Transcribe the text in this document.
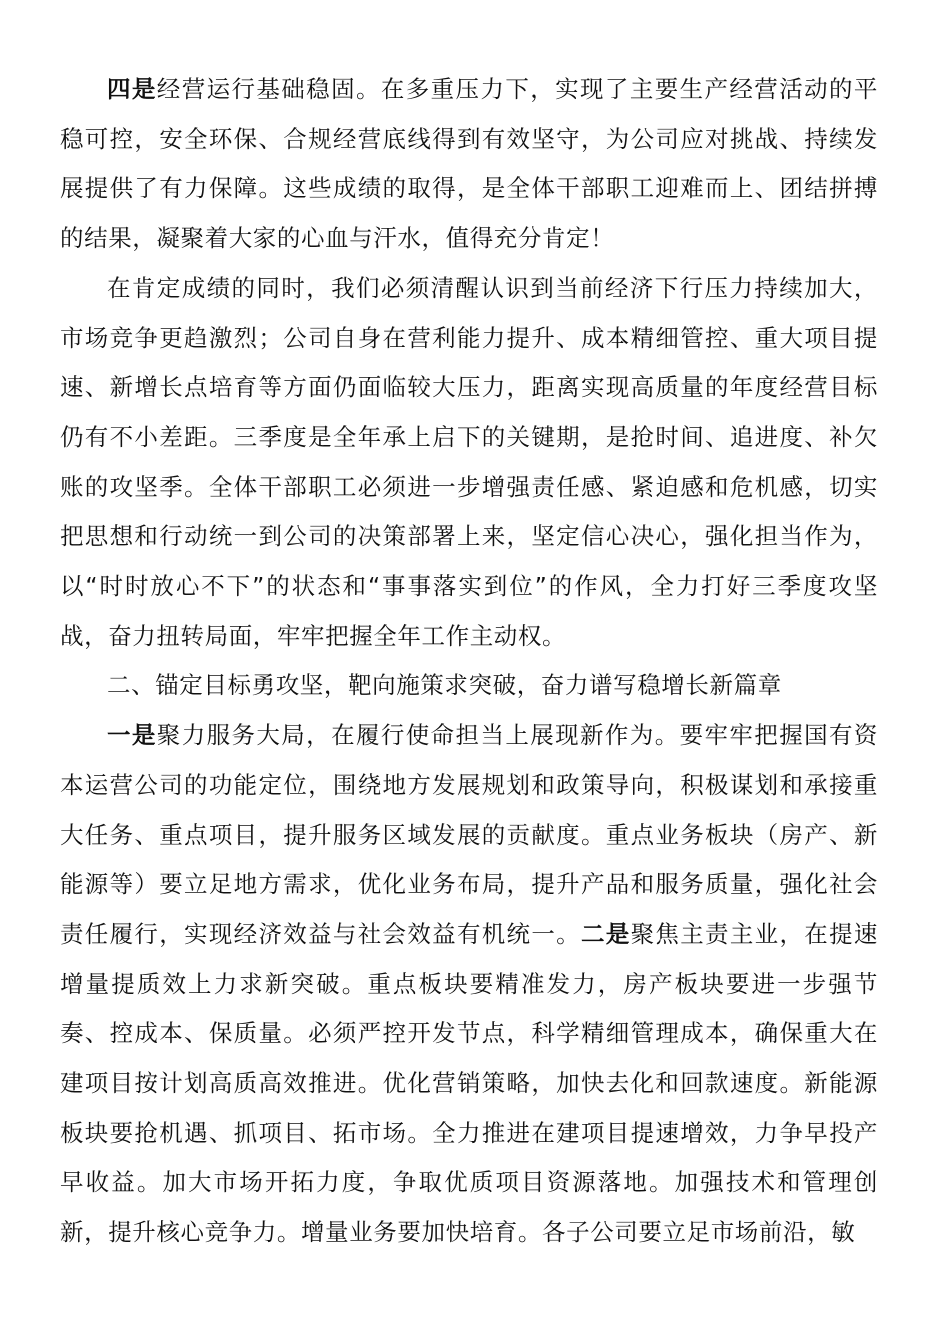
四是经营运行基础稳固。在多重压力下，实现了主要生产经营活动的平稳可控，安全环保、合规经营底线得到有效坚守，为公司应对挑战、持续发展提供了有力保障。这些成绩的取得，是全体干部职工迎难而上、团结拼搏的结果，凝聚着大家的心血与汗水，值得充分肯定！

在肯定成绩的同时，我们必须清醒认识到当前经济下行压力持续加大，市场竞争更趋激烈；公司自身在营利能力提升、成本精细管控、重大项目提速、新增长点培育等方面仍面临较大压力，距离实现高质量的年度经营目标仍有不小差距。三季度是全年承上启下的关键期，是抢时间、追进度、补欠账的攻坚季。全体干部职工必须进一步增强责任感、紧迫感和危机感，切实把思想和行动统一到公司的决策部署上来，坚定信心决心，强化担当作为，以“时时放心不下”的状态和“事事落实到位”的作风，全力打好三季度攻坚战，奋力扭转局面，牢牢把握全年工作主动权。

二、锚定目标勇攻坚，靶向施策求突破，奋力谱写稳增长新篇章

一是聚力服务大局，在履行使命担当上展现新作为。要牢牢把握国有资本运营公司的功能定位，围绕地方发展规划和政策导向，积极谋划和承接重大任务、重点项目，提升服务区域发展的贡献度。重点业务板块（房产、新能源等）要立足地方需求，优化业务布局，提升产品和服务质量，强化社会责任履行，实现经济效益与社会效益有机统一。二是聚焦主责主业，在提速增量提质效上力求新突破。重点板块要精准发力，房产板块要进一步强节奏、控成本、保质量。必须严控开发节点，科学精细管理成本，确保重大在建项目按计划高质高效推进。优化营销策略，加快去化和回款速度。新能源板块要抢机遇、抓项目、拓市场。全力推进在建项目提速增效，力争早投产早收益。加大市场开拓力度，争取优质项目资源落地。加强技术和管理创新，提升核心竞争力。增量业务要加快培育。各子公司要立足市场前沿，敏
